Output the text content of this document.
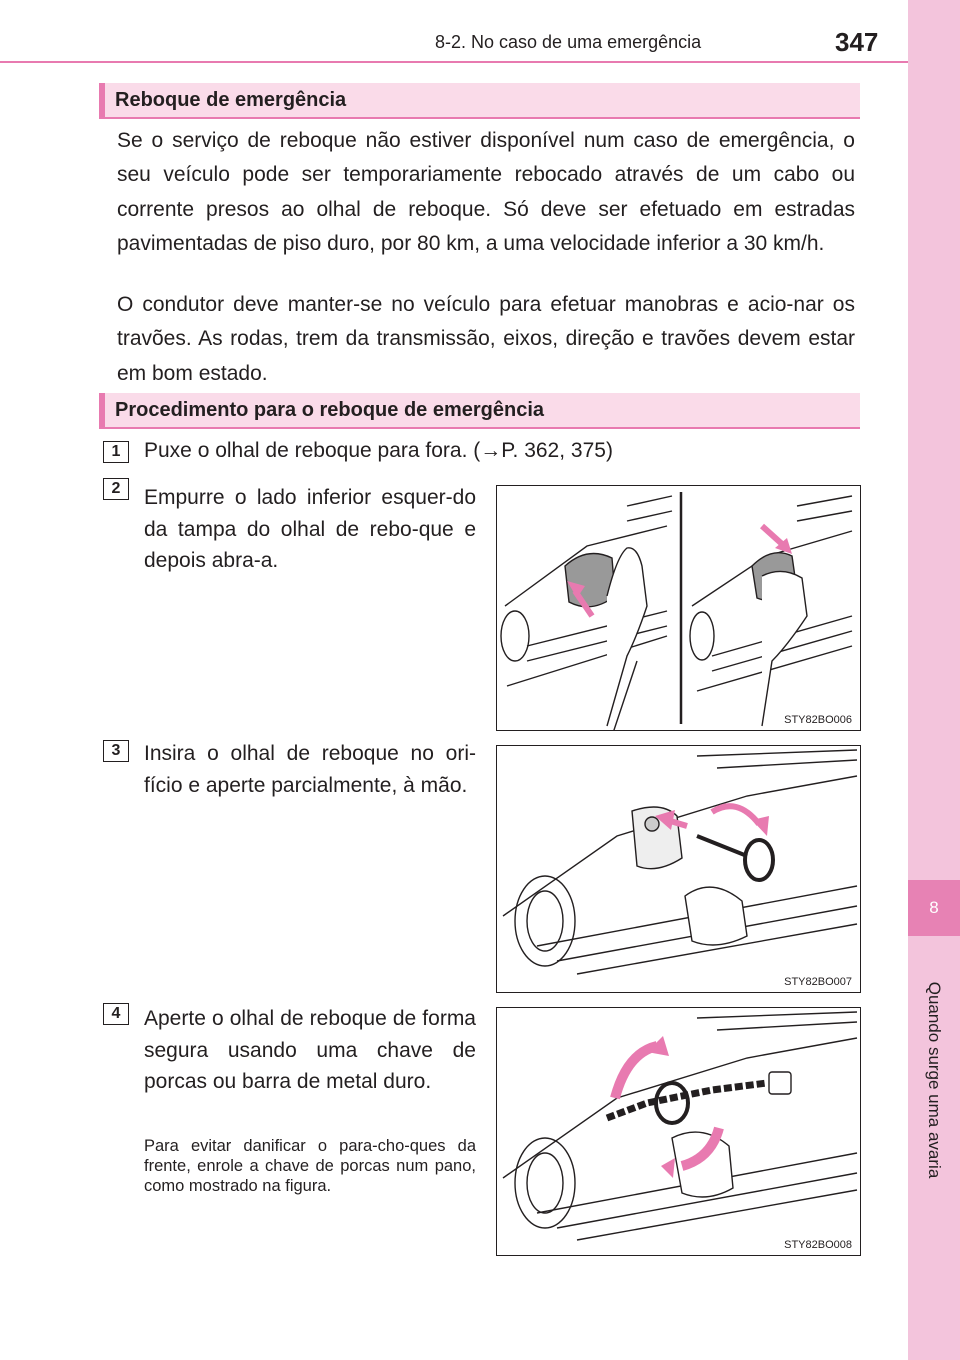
8
Quando surge uma avaria
8-2. No caso de uma emergência	347
Reboque de emergência

Se o serviço de reboque não estiver disponível num caso de emergência, o seu veículo pode ser temporariamente rebocado através de um cabo ou corrente presos ao olhal de reboque. Só deve ser efetuado em estradas pavimentadas de piso duro, por 80 km, a uma velocidade inferior a 30 km/h.

O condutor deve manter-se no veículo para efetuar manobras e acio-nar os travões. As rodas, trem da transmissão, eixos, direção e travões devem estar em bom estado.

Procedimento para o reboque de emergência
1	Puxe o olhal de reboque para fora. (→P. 362, 375)
2	Empurre o lado inferior esquer-do da tampa do olhal de rebo-que e depois abra-a.

STY82BO006
3	Insira o olhal de reboque no ori-fício e aperte parcialmente, à mão.

STY82BO007
4	Aperte o olhal de reboque de forma segura usando uma chave de porcas ou barra de metal duro.

Para evitar danificar o para-cho-ques da frente, enrole a chave de porcas num pano, como mostrado na figura.

STY82BO008
